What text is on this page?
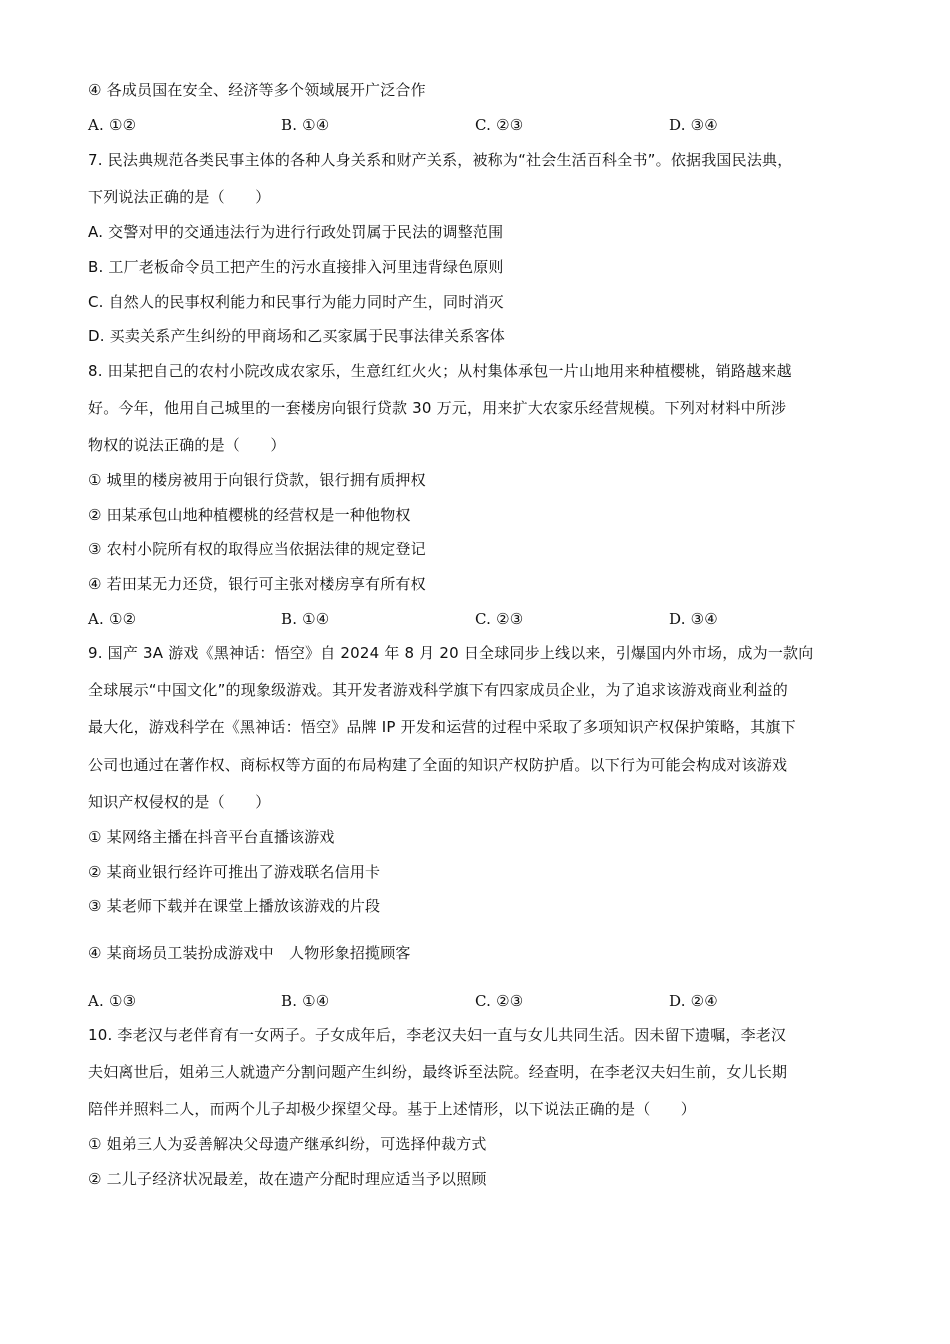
④ 各成员国在安全、经济等多个领域展开广泛合作
A. ①②	B. ①④	C. ②③	D. ③④
7. 民法典规范各类民事主体的各种人身关系和财产关系，被称为“社会生活百科全书”。依据我国民法典，
下列说法正确的是（　　）
A. 交警对甲的交通违法行为进行行政处罚属于民法的调整范围
B. 工厂老板命令员工把产生的污水直接排入河里违背绿色原则
C. 自然人的民事权利能力和民事行为能力同时产生，同时消灭
D. 买卖关系产生纠纷的甲商场和乙买家属于民事法律关系客体
8. 田某把自己的农村小院改成农家乐，生意红红火火；从村集体承包一片山地用来种植樱桃，销路越来越
好。今年，他用自己城里的一套楼房向银行贷款 30 万元，用来扩大农家乐经营规模。下列对材料中所涉
物权的说法正确的是（　　）
① 城里的楼房被用于向银行贷款，银行拥有质押权
② 田某承包山地种植樱桃的经营权是一种他物权
③ 农村小院所有权的取得应当依据法律的规定登记
④ 若田某无力还贷，银行可主张对楼房享有所有权
A. ①②	B. ①④	C. ②③	D. ③④
9. 国产 3A 游戏《黑神话：悟空》自 2024 年 8 月 20 日全球同步上线以来，引爆国内外市场，成为一款向
全球展示“中国文化”的现象级游戏。其开发者游戏科学旗下有四家成员企业，为了追求该游戏商业利益的
最大化，游戏科学在《黑神话：悟空》品牌 IP 开发和运营的过程中采取了多项知识产权保护策略，其旗下
公司也通过在著作权、商标权等方面的布局构建了全面的知识产权防护盾。以下行为可能会构成对该游戏
知识产权侵权的是（　　）
① 某网络主播在抖音平台直播该游戏
② 某商业银行经许可推出了游戏联名信用卡
③ 某老师下载并在课堂上播放该游戏的片段
④ 某商场员工装扮成游戏中　人物形象招揽顾客
A. ①③	B. ①④	C. ②③	D. ②④
10. 李老汉与老伴育有一女两子。子女成年后，李老汉夫妇一直与女儿共同生活。因未留下遗嘱，李老汉
夫妇离世后，姐弟三人就遗产分割问题产生纠纷，最终诉至法院。经查明，在李老汉夫妇生前，女儿长期
陪伴并照料二人，而两个儿子却极少探望父母。基于上述情形，以下说法正确的是（　　）
① 姐弟三人为妥善解决父母遗产继承纠纷，可选择仲裁方式
② 二儿子经济状况最差，故在遗产分配时理应适当予以照顾
